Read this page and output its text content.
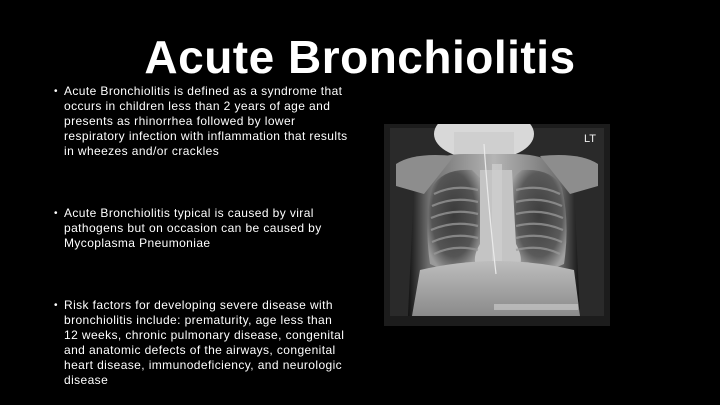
Acute Bronchiolitis
• Acute Bronchiolitis is defined as a syndrome that occurs in children less than 2 years of age and presents as rhinorrhea followed by lower respiratory infection with inflammation that results in wheezes and/or crackles
• Acute Bronchiolitis typical is caused by viral pathogens but on occasion can be caused by Mycoplasma Pneumoniae
• Risk factors for developing severe disease with bronchiolitis include: prematurity, age less than 12 weeks, chronic pulmonary disease, congenital and anatomic defects of the airways, congenital heart disease, immunodeficiency, and neurologic disease
LT
